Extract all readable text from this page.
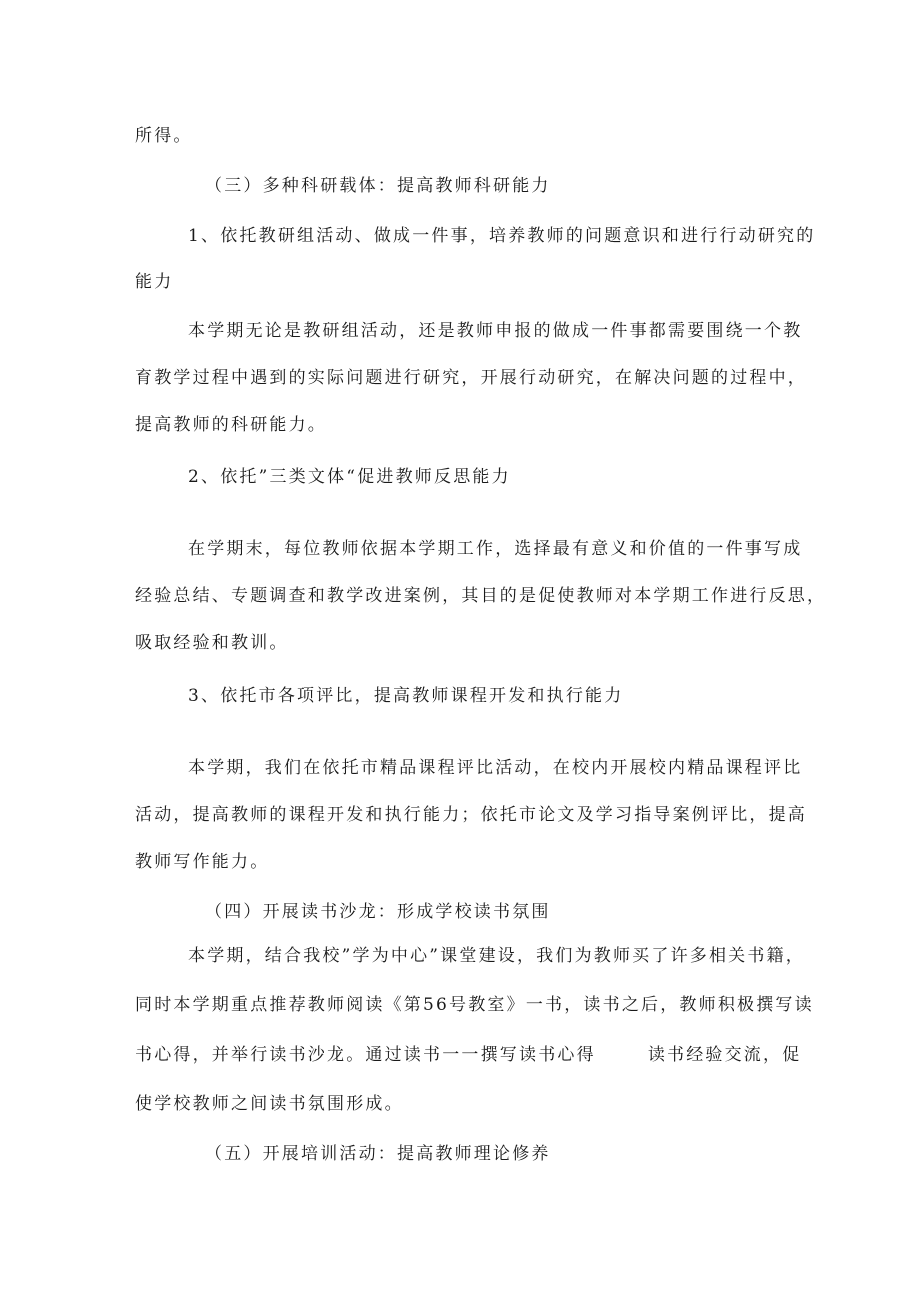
所得。
（三）多种科研载体：提高教师科研能力
1、依托教研组活动、做成一件事，培养教师的问题意识和进行行动研究的
能力
本学期无论是教研组活动，还是教师申报的做成一件事都需要围绕一个教
育教学过程中遇到的实际问题进行研究，开展行动研究，在解决问题的过程中，
提高教师的科研能力。
2、依托”三类文体“促进教师反思能力
在学期末，每位教师依据本学期工作，选择最有意义和价值的一件事写成
经验总结、专题调查和教学改进案例，其目的是促使教师对本学期工作进行反思，
吸取经验和教训。
3、依托市各项评比，提高教师课程开发和执行能力
本学期，我们在依托市精品课程评比活动，在校内开展校内精品课程评比
活动，提高教师的课程开发和执行能力；依托市论文及学习指导案例评比，提高
教师写作能力。
（四）开展读书沙龙：形成学校读书氛围
本学期，结合我校”学为中心”课堂建设，我们为教师买了许多相关书籍，
同时本学期重点推荐教师阅读《第56号教室》一书，读书之后，教师积极撰写读
书心得，并举行读书沙龙。通过读书一一撰写读书心得	读书经验交流，促
使学校教师之间读书氛围形成。
（五）开展培训活动：提高教师理论修养
